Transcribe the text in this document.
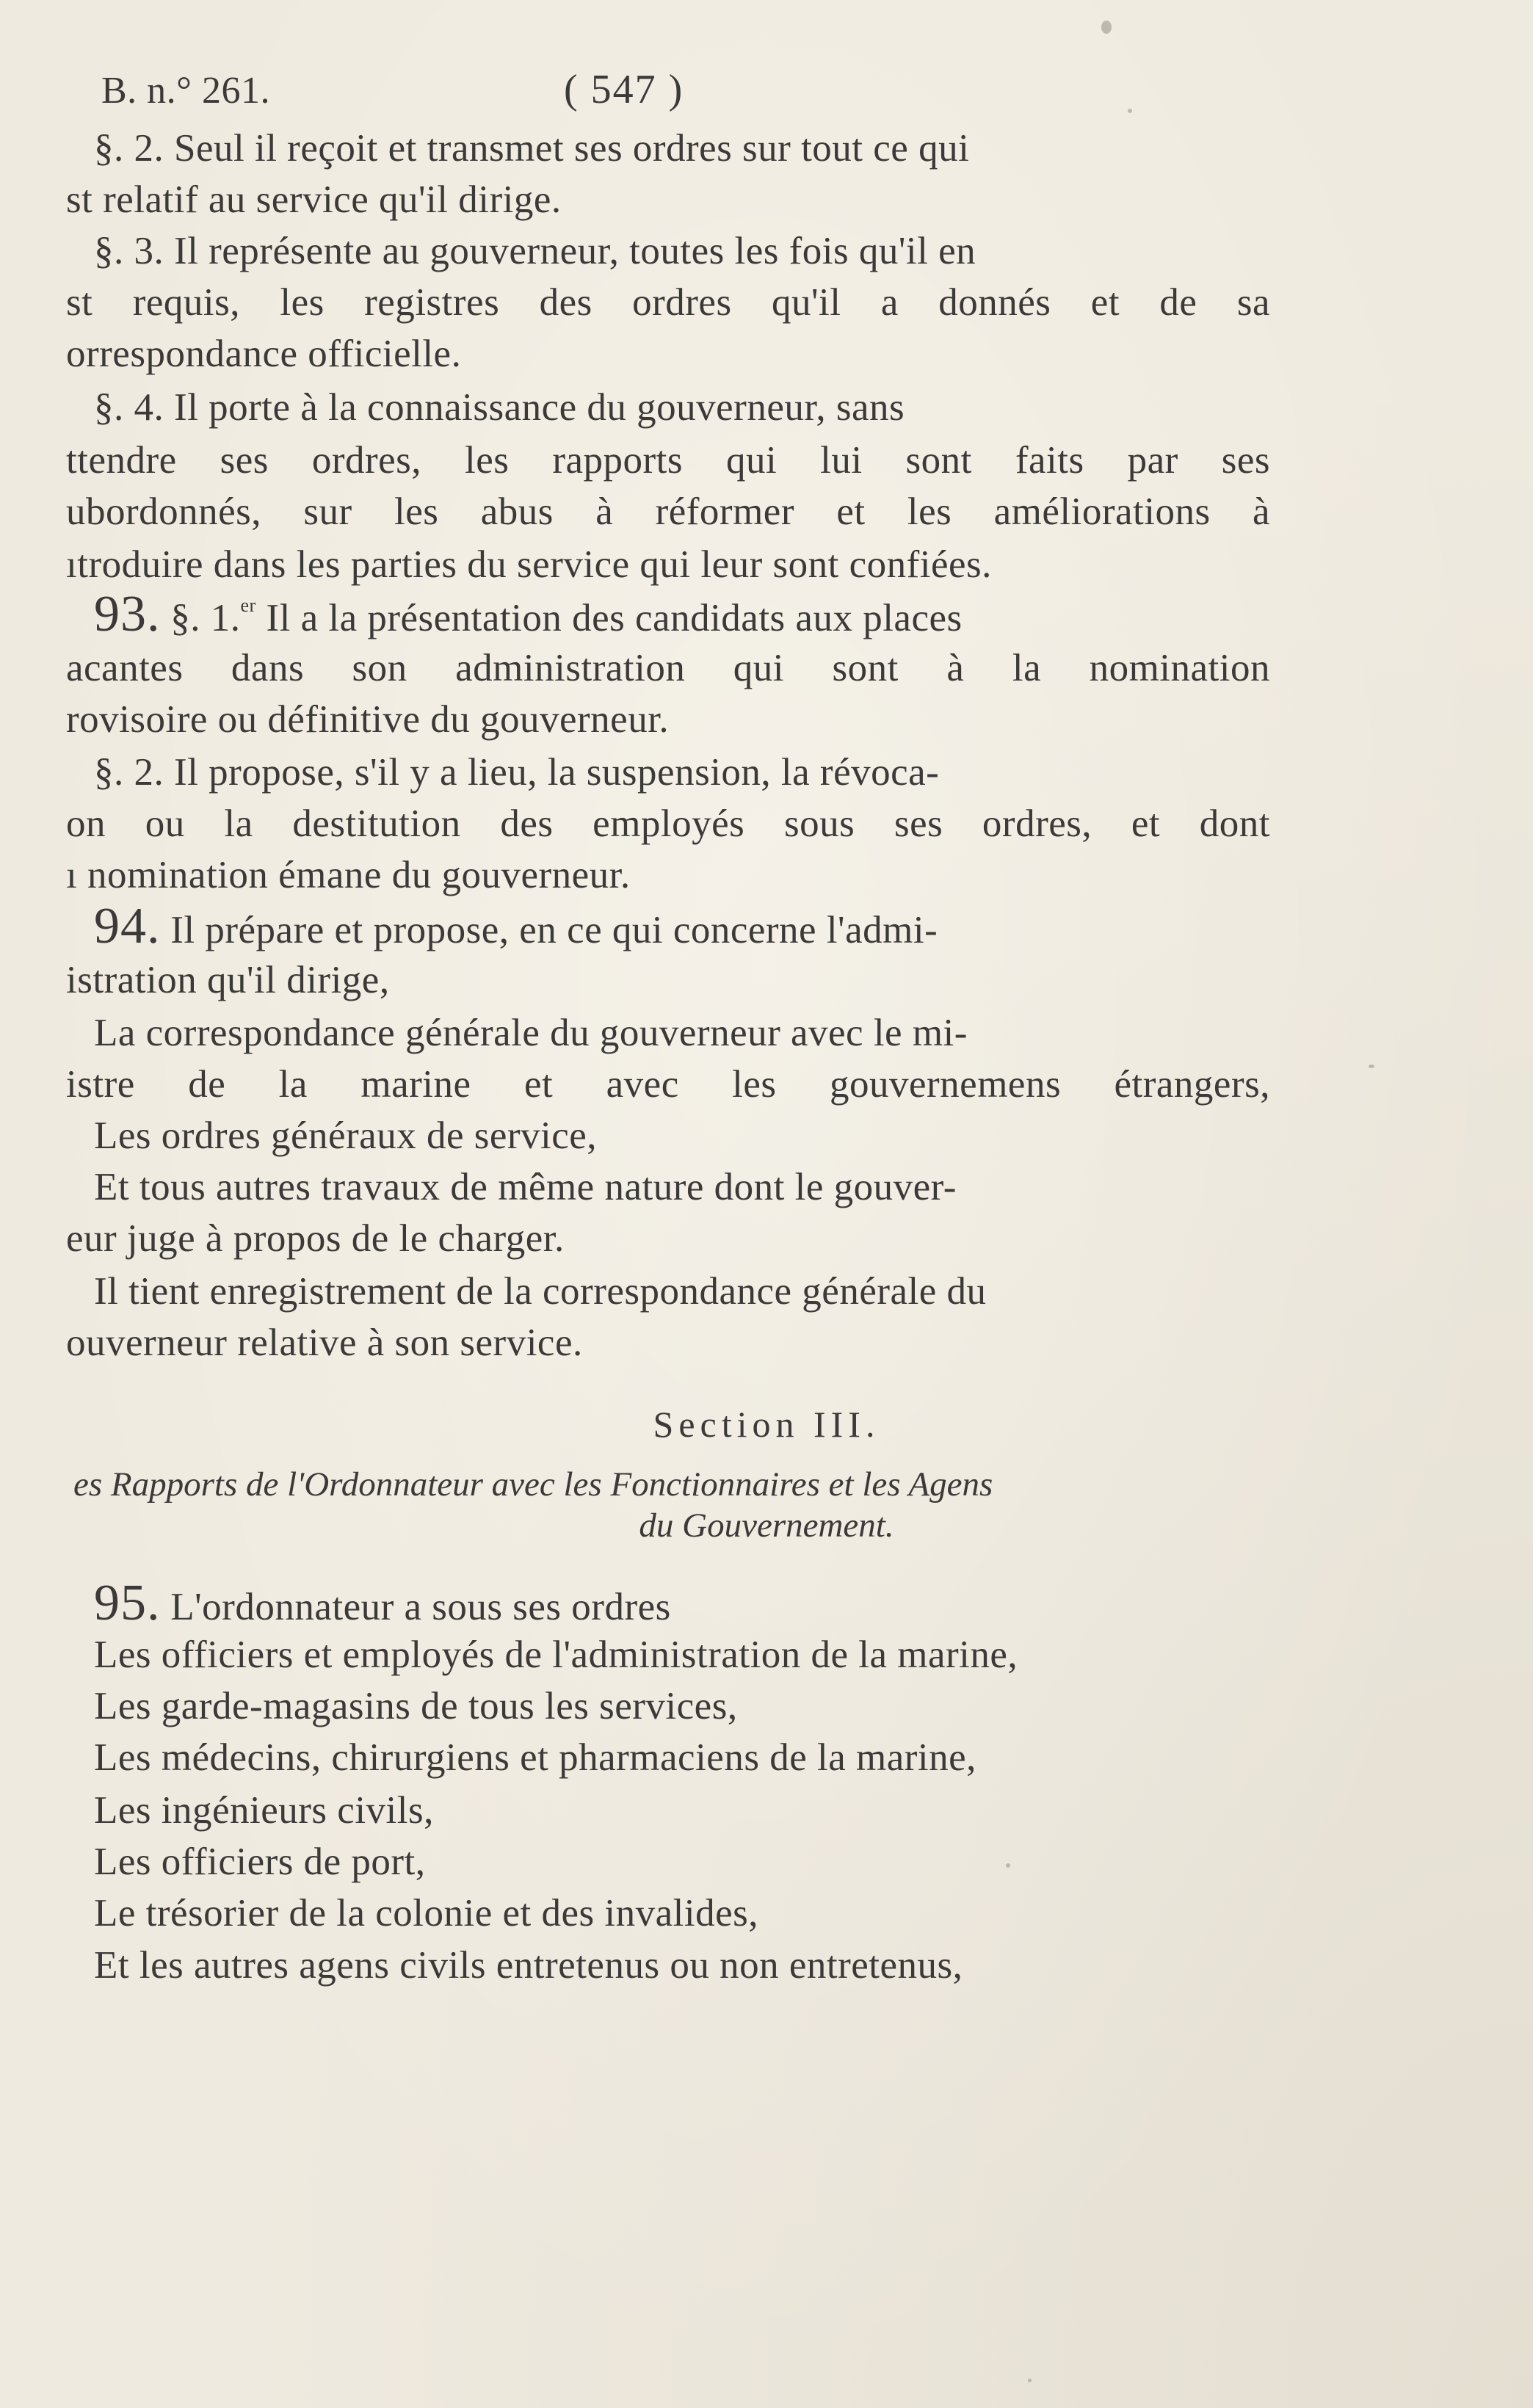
B. n.° 261.	( 547 )
§. 2. Seul il reçoit et transmet ses ordres sur tout ce qui
st relatif au service qu'il dirige.
§. 3. Il représente au gouverneur, toutes les fois qu'il en
st requis, les registres des ordres qu'il a donnés et de sa
orrespondance officielle.
§. 4. Il porte à la connaissance du gouverneur, sans
ttendre ses ordres, les rapports qui lui sont faits par ses
ubordonnés, sur les abus à réformer et les améliorations à
ıtroduire dans les parties du service qui leur sont confiées.
93. §. 1.$^{er}$ Il a la présentation des candidats aux places
acantes dans son administration qui sont à la nomination
rovisoire ou définitive du gouverneur.
§. 2. Il propose, s'il y a lieu, la suspension, la révoca-
on ou la destitution des employés sous ses ordres, et dont
ı nomination émane du gouverneur.
94. Il prépare et propose, en ce qui concerne l'admi-
istration qu'il dirige,
La correspondance générale du gouverneur avec le mi-
istre de la marine et avec les gouvernemens étrangers,
Les ordres généraux de service,
Et tous autres travaux de même nature dont le gouver-
eur juge à propos de le charger.
Il tient enregistrement de la correspondance générale du
ouverneur relative à son service.
Section III.
es Rapports de l'Ordonnateur avec les Fonctionnaires et les Agens
du Gouvernement.
95. L'ordonnateur a sous ses ordres
Les officiers et employés de l'administration de la marine,
Les garde-magasins de tous les services,
Les médecins, chirurgiens et pharmaciens de la marine,
Les ingénieurs civils,
Les officiers de port,
Le trésorier de la colonie et des invalides,
Et les autres agens civils entretenus ou non entretenus,
